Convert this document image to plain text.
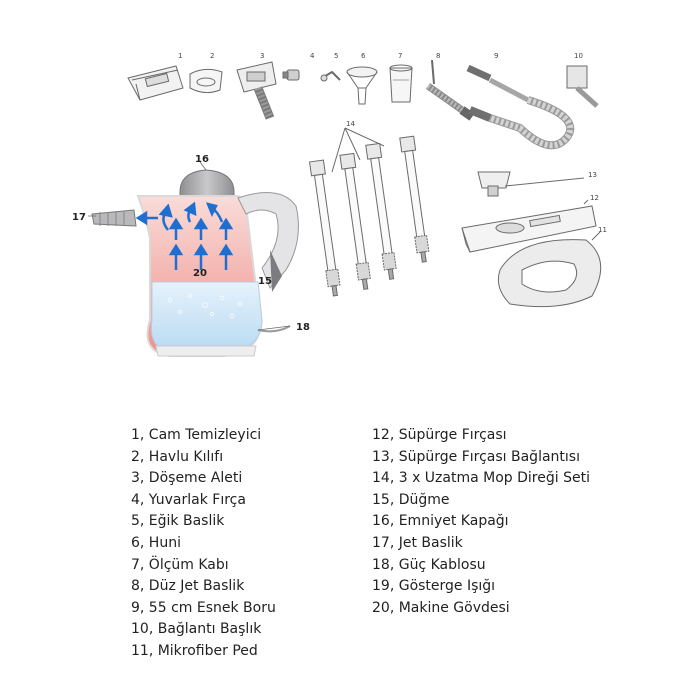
1	2	3	4	5	6	7	8	9	10
11
12
13
14
16
17
20
15
18
1, Cam Temizleyici
2, Havlu Kılıfı
3, Döşeme Aleti
4, Yuvarlak Fırça
5, Eğik Baslik
6, Huni
7, Ölçüm Kabı
8, Düz Jet Baslik
9, 55 cm Esnek Boru
10, Bağlantı Başlık
11, Mikrofiber Ped
12, Süpürge Fırçası
13, Süpürge Fırçası Bağlantısı
14, 3 x Uzatma Mop Direği Seti
15, Düğme
16, Emniyet Kapağı
17, Jet Baslik
18, Güç Kablosu
19, Gösterge Işığı
20, Makine Gövdesi
